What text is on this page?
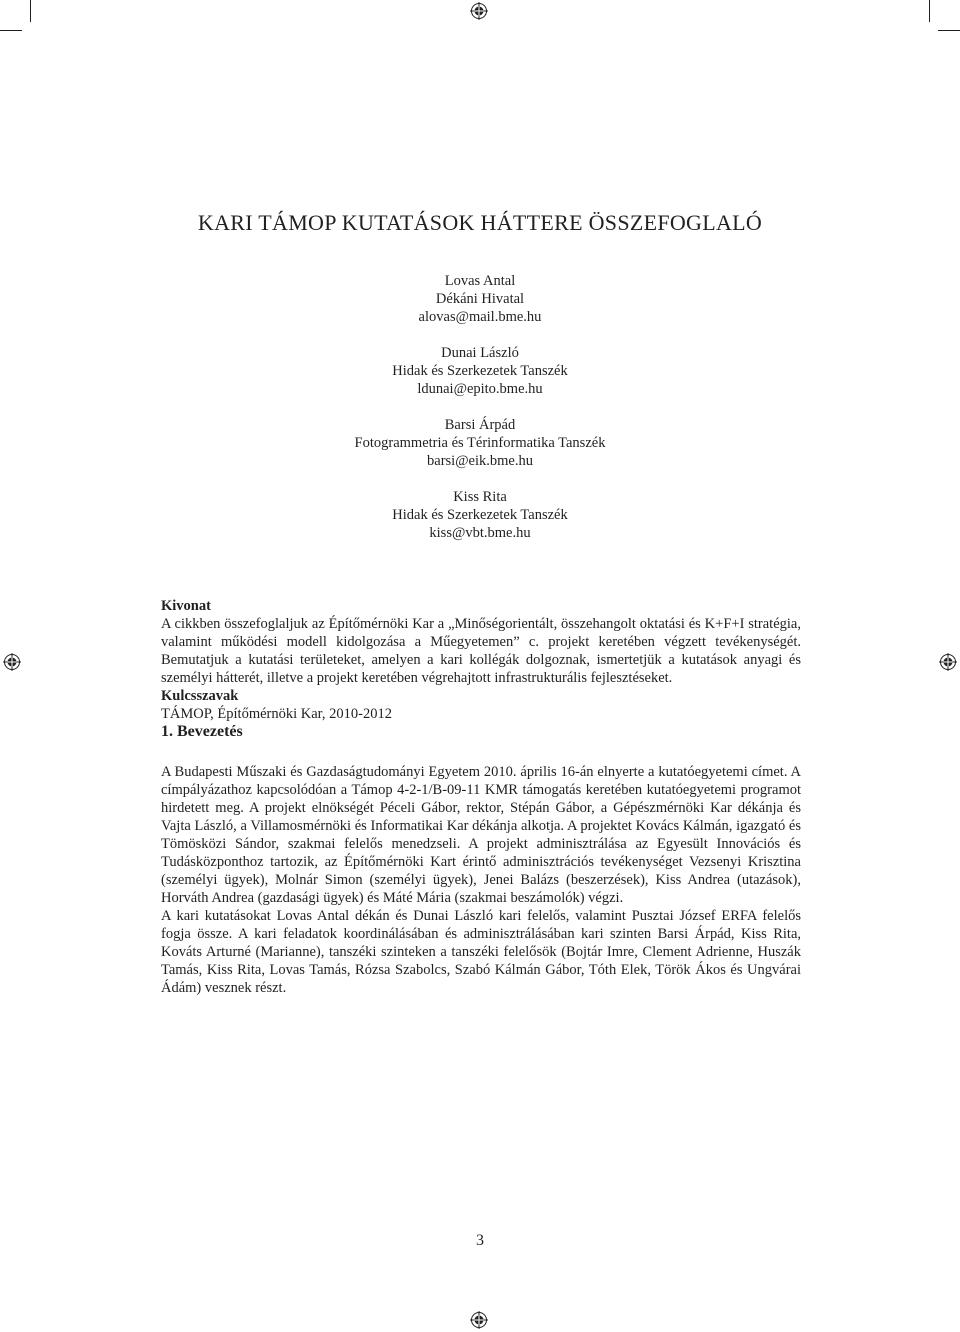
KARI TÁMOP KUTATÁSOK HÁTTERE ÖSSZEFOGLALÓ
Lovas Antal
Dékáni Hivatal
alovas@mail.bme.hu
Dunai László
Hidak és Szerkezetek Tanszék
ldunai@epito.bme.hu
Barsi Árpád
Fotogrammetria és Térinformatika Tanszék
barsi@eik.bme.hu
Kiss Rita
Hidak és Szerkezetek Tanszék
kiss@vbt.bme.hu

Kivonat

A cikkben összefoglaljuk az Építőmérnöki Kar a „Minőségorientált, összehangolt oktatási és K+F+I stratégia, valamint működési modell kidolgozása a Műegyetemen” c. projekt keretében végzett tevékenységét. Bemutatjuk a kutatási területeket, amelyen a kari kollégák dolgoznak, ismertetjük a kutatások anyagi és személyi hátterét, illetve a projekt keretében végrehajtott infrastrukturális fejlesztéseket.

Kulcsszavak

TÁMOP, Építőmérnöki Kar, 2010-2012

1. Bevezetés

A Budapesti Műszaki és Gazdaságtudományi Egyetem 2010. április 16-án elnyerte a kutatóegyetemi címet. A címpályázathoz kapcsolódóan a Támop 4-2-1/B-09-11 KMR támogatás keretében kutatóegyetemi programot hirdetett meg. A projekt elnökségét Péceli Gábor, rektor, Stépán Gábor, a Gépészmérnöki Kar dékánja és Vajta László, a Villamosmérnöki és Informatikai Kar dékánja alkotja. A projektet Kovács Kálmán, igazgató és Tömösközi Sándor, szakmai felelős menedzseli. A projekt adminisztrálása az Egyesült Innovációs és Tudásközponthoz tartozik, az Építőmérnöki Kart érintő adminisztrációs tevékenységet Vezsenyi Krisztina (személyi ügyek), Molnár Simon (személyi ügyek), Jenei Balázs (beszerzések), Kiss Andrea (utazások), Horváth Andrea (gazdasági ügyek) és Máté Mária (szakmai beszámolók) végzi.

A kari kutatásokat Lovas Antal dékán és Dunai László kari felelős, valamint Pusztai József ERFA felelős fogja össze. A kari feladatok koordinálásában és adminisztrálásában kari szinten Barsi Árpád, Kiss Rita, Kováts Arturné (Marianne), tanszéki szinteken a tanszéki felelősök (Bojtár Imre, Clement Adrienne, Huszák Tamás, Kiss Rita, Lovas Tamás, Rózsa Szabolcs, Szabó Kálmán Gábor, Tóth Elek, Török Ákos és Ungvárai Ádám) vesznek részt.

3
